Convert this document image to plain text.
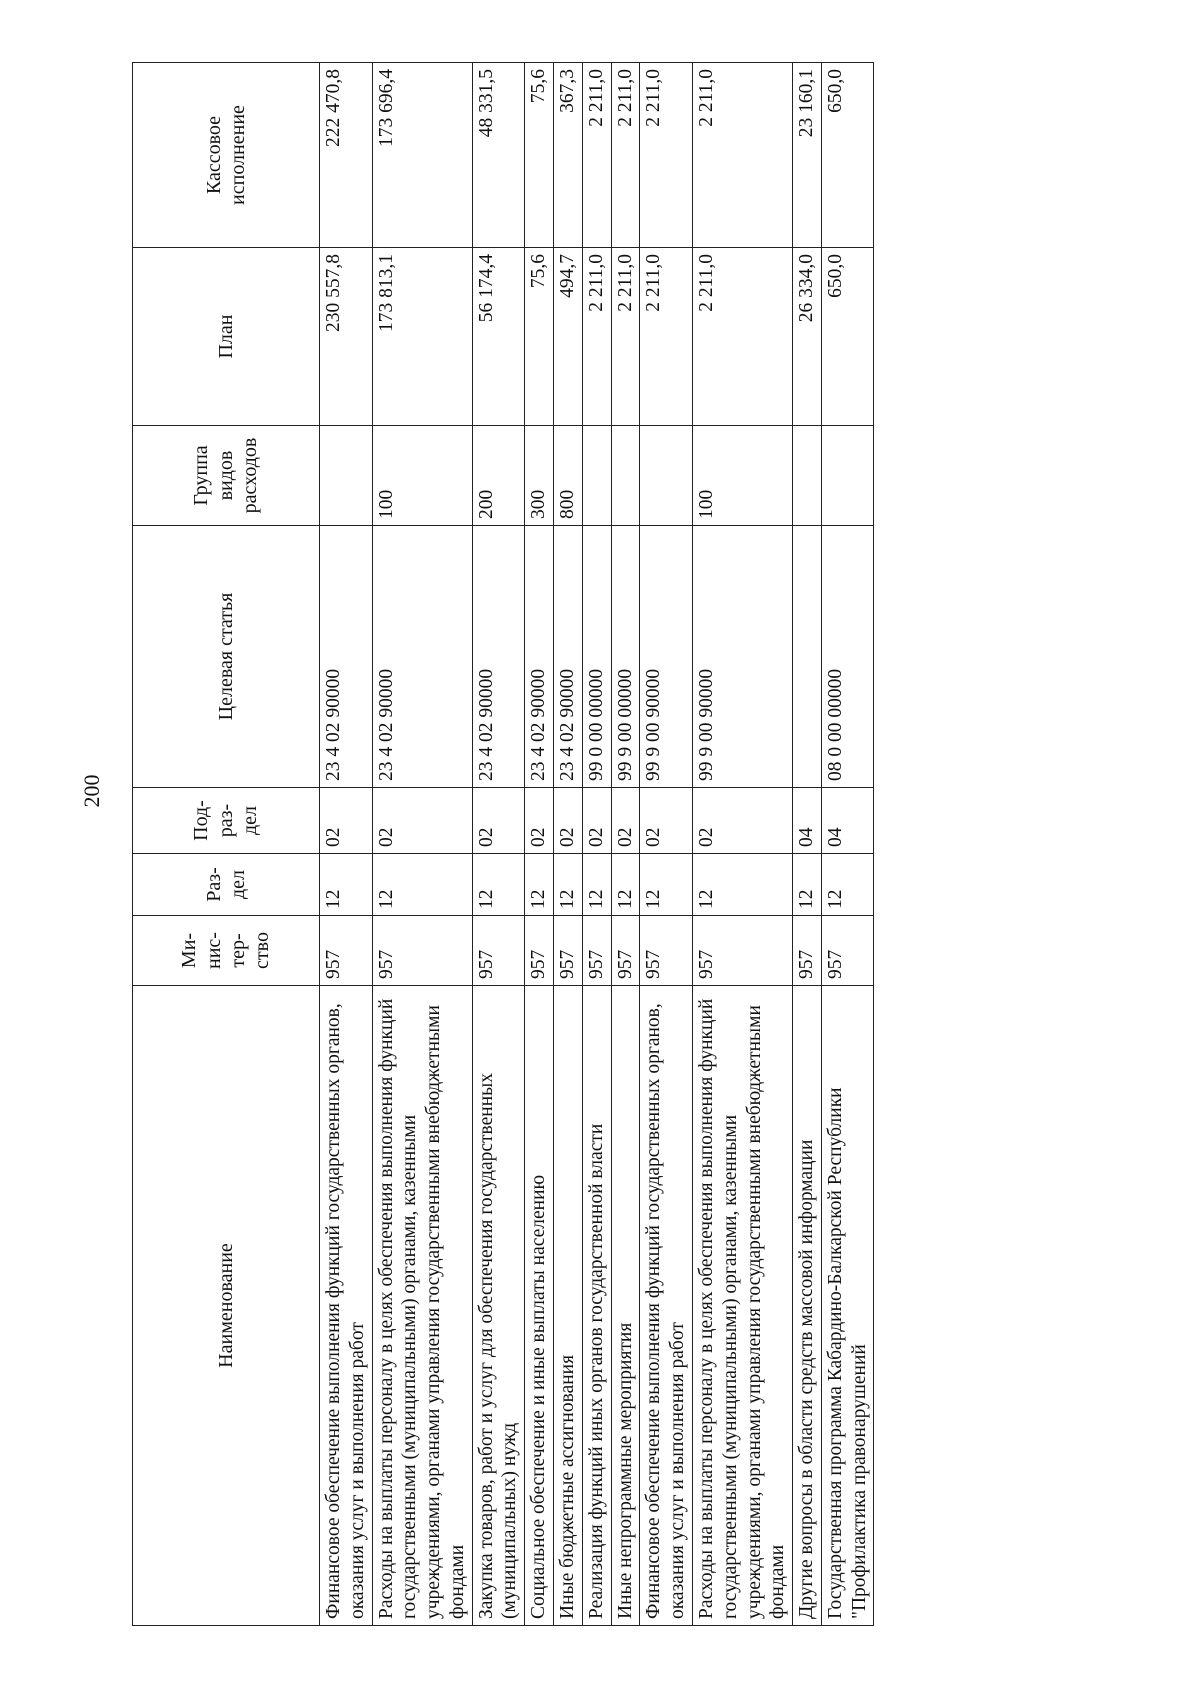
200
Наименование	Ми-нис-тер-ство	Раз-дел	Под-раз-дел	Целевая статья	Группа видов расходов	План	Кассовое исполнение
Финансовое обеспечение выполнения функций государственных органов, оказания услуг и выполнения работ	957	12	02	23 4 02 90000		230 557,8	222 470,8
Расходы на выплаты персоналу в целях обеспечения выполнения функций государственными (муниципальными) органами, казенными учреждениями, органами управления государственными внебюджетными фондами	957	12	02	23 4 02 90000	100	173 813,1	173 696,4
Закупка товаров, работ и услуг для обеспечения государственных (муниципальных) нужд	957	12	02	23 4 02 90000	200	56 174,4	48 331,5
Социальное обеспечение и иные выплаты населению	957	12	02	23 4 02 90000	300	75,6	75,6
Иные бюджетные ассигнования	957	12	02	23 4 02 90000	800	494,7	367,3
Реализация функций иных органов государственной власти	957	12	02	99 0 00 00000		2 211,0	2 211,0
Иные непрограммные мероприятия	957	12	02	99 9 00 00000		2 211,0	2 211,0
Финансовое обеспечение выполнения функций государственных органов, оказания услуг и выполнения работ	957	12	02	99 9 00 90000		2 211,0	2 211,0
Расходы на выплаты персоналу в целях обеспечения выполнения функций государственными (муниципальными) органами, казенными учреждениями, органами управления государственными внебюджетными фондами	957	12	02	99 9 00 90000	100	2 211,0	2 211,0
Другие вопросы в области средств массовой информации	957	12	04			26 334,0	23 160,1
Государственная программа Кабардино-Балкарской Республики "Профилактика правонарушений	957	12	04	08 0 00 00000		650,0	650,0
